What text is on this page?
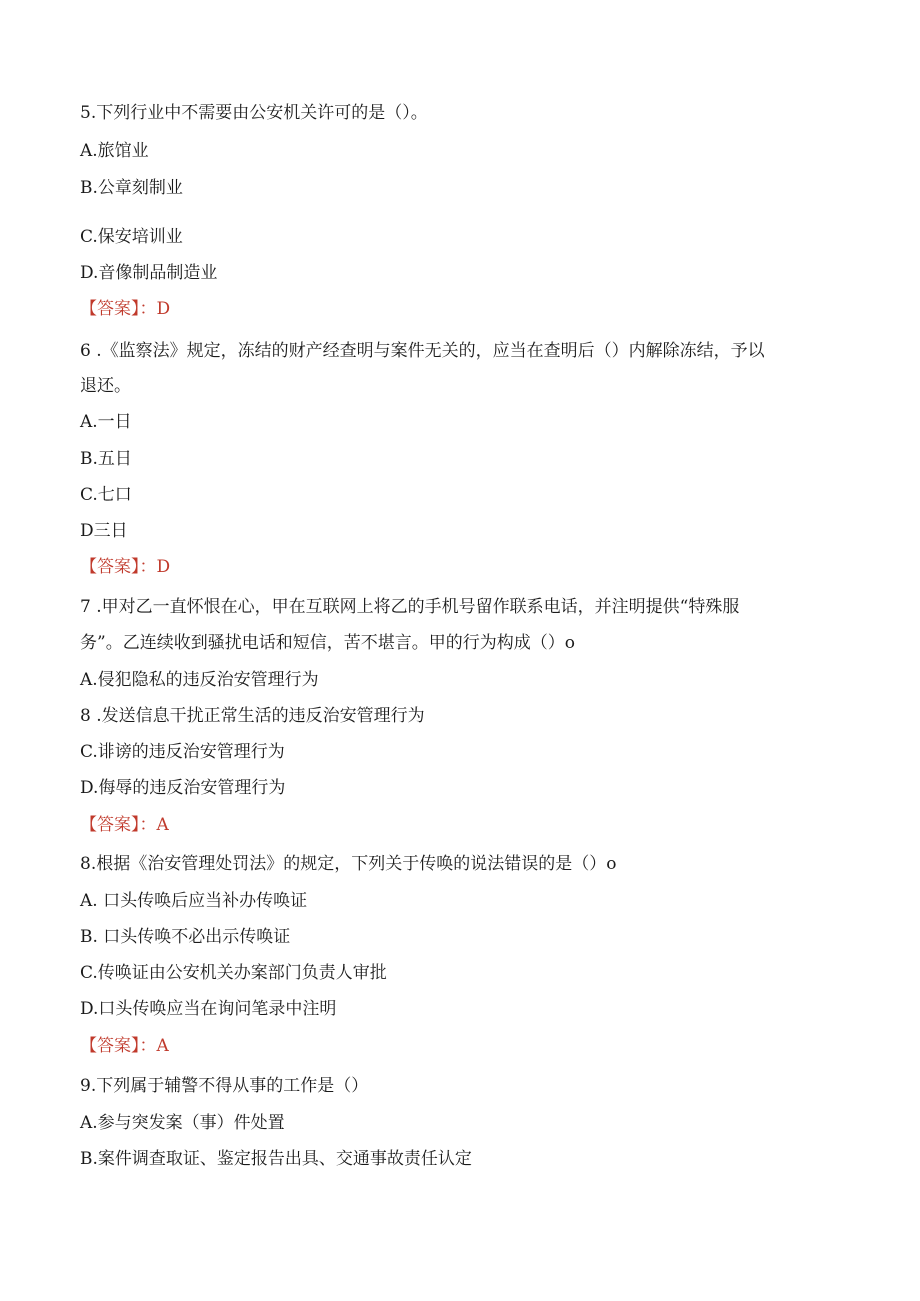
5.下列行业中不需要由公安机关许可的是（）。
A.旅馆业
B.公章刻制业
C.保安培训业
D.音像制品制造业
【答案】：D
6 .《监察法》规定，冻结的财产经查明与案件无关的，应当在查明后（）内解除冻结，予以
退还。
A.一日
B.五日
C.七口
D三日
【答案】：D
7 .甲对乙一直怀恨在心，甲在互联网上将乙的手机号留作联系电话，并注明提供“特殊服
务”。乙连续收到骚扰电话和短信，苦不堪言。甲的行为构成（）o
A.侵犯隐私的违反治安管理行为
8 .发送信息干扰正常生活的违反治安管理行为
C.诽谤的违反治安管理行为
D.侮辱的违反治安管理行为
【答案】：A
8.根据《治安管理处罚法》的规定，下列关于传唤的说法错误的是（）o
A. 口头传唤后应当补办传唤证
B. 口头传唤不必出示传唤证
C.传唤证由公安机关办案部门负责人审批
D.口头传唤应当在询问笔录中注明
【答案】：A
9.下列属于辅警不得从事的工作是（）
A.参与突发案（事）件处置
B.案件调查取证、鉴定报告出具、交通事故责任认定
